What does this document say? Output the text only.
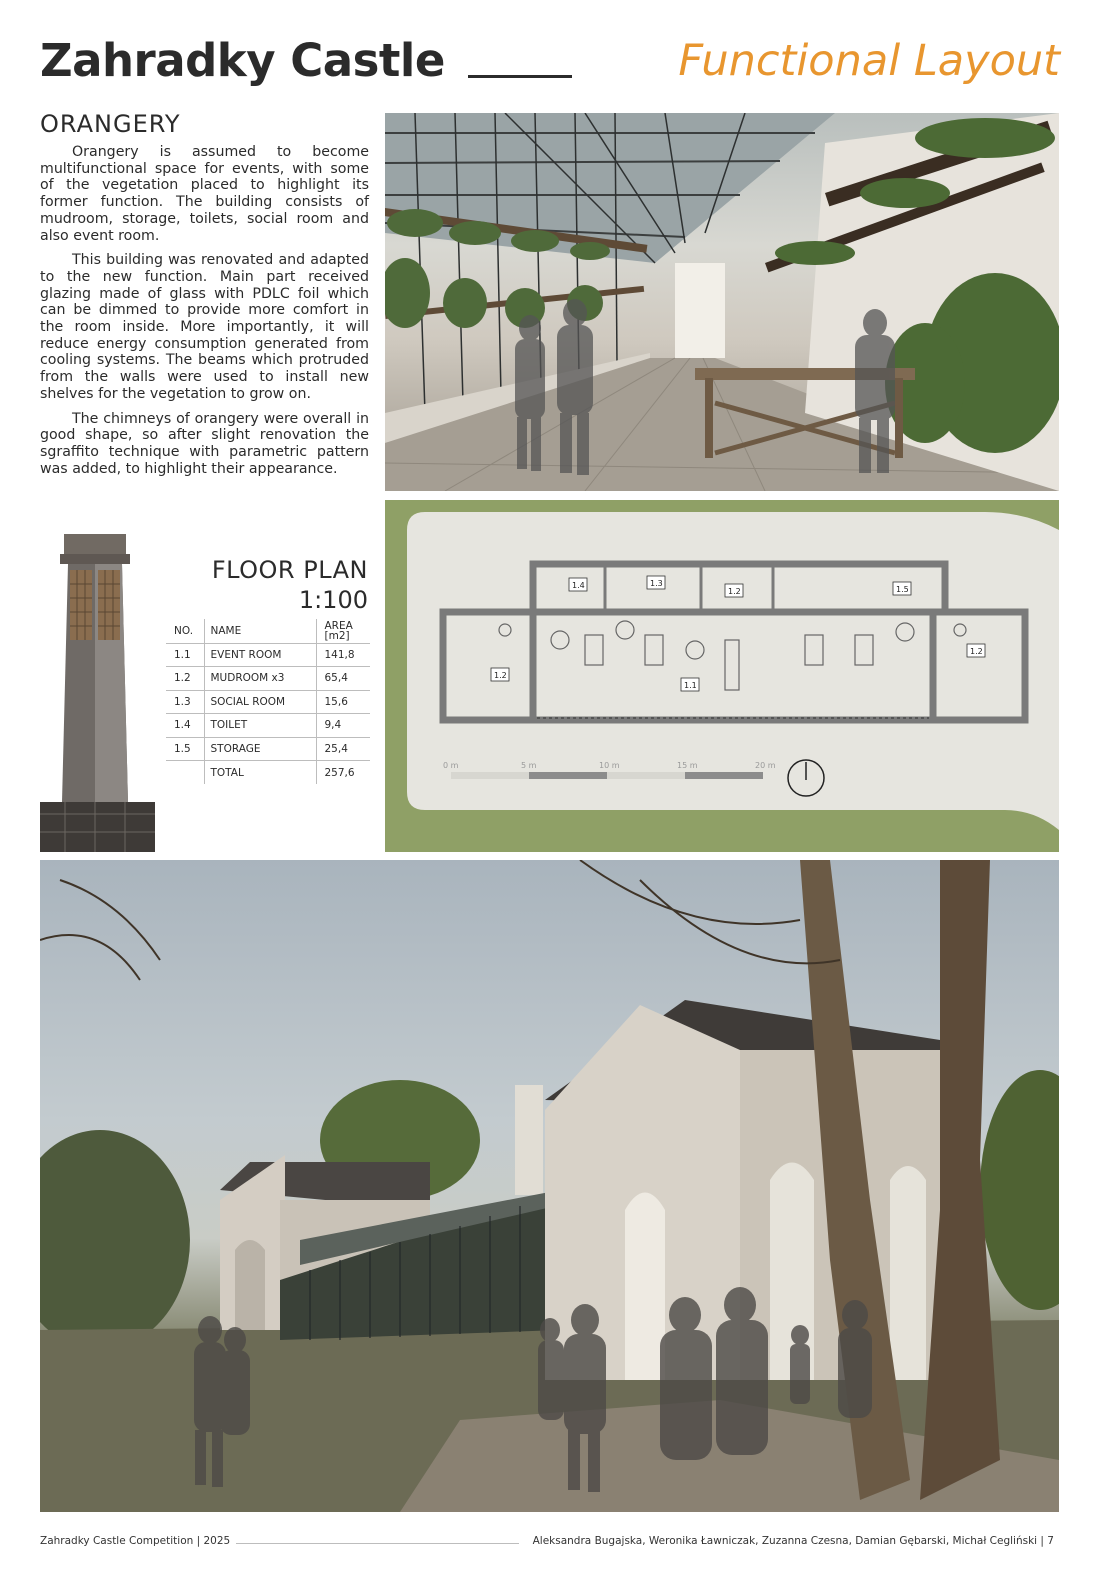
Zahradky Castle	Functional Layout
ORANGERY

Orangery is assumed to become multifunctional space for events, with some of the vegetation placed to highlight its former function. The building consists of mudroom, storage, toilets, social room and also event room.

This building was renovated and adapted to the new function. Main part received glazing made of glass with PDLC foil which can be dimmed to provide more comfort in the room inside. More importantly, it will reduce energy consumption generated from cooling systems. The beams which protruded from the walls were used to install new shelves for the vegetation to grow on.

The chimneys of orangery were overall in good shape, so after slight renovation the sgraffito technique with parametric pattern was added, to highlight their appearance.

FLOOR PLAN
1:100
NO.	NAME	AREA
[m2]
1.1	EVENT ROOM	141,8
1.2	MUDROOM x3	65,4
1.3	SOCIAL ROOM	15,6
1.4	TOILET	9,4
1.5	STORAGE	25,4
	TOTAL	257,6
1.4	1.3
1.2	1.5
1.2
1.1
1.2
0 m	5 m	10 m	15 m	20 m
Zahradky Castle Competition | 2025	Aleksandra Bugajska, Weronika Ławniczak, Zuzanna Czesna, Damian Gębarski, Michał Cegliński | 7
